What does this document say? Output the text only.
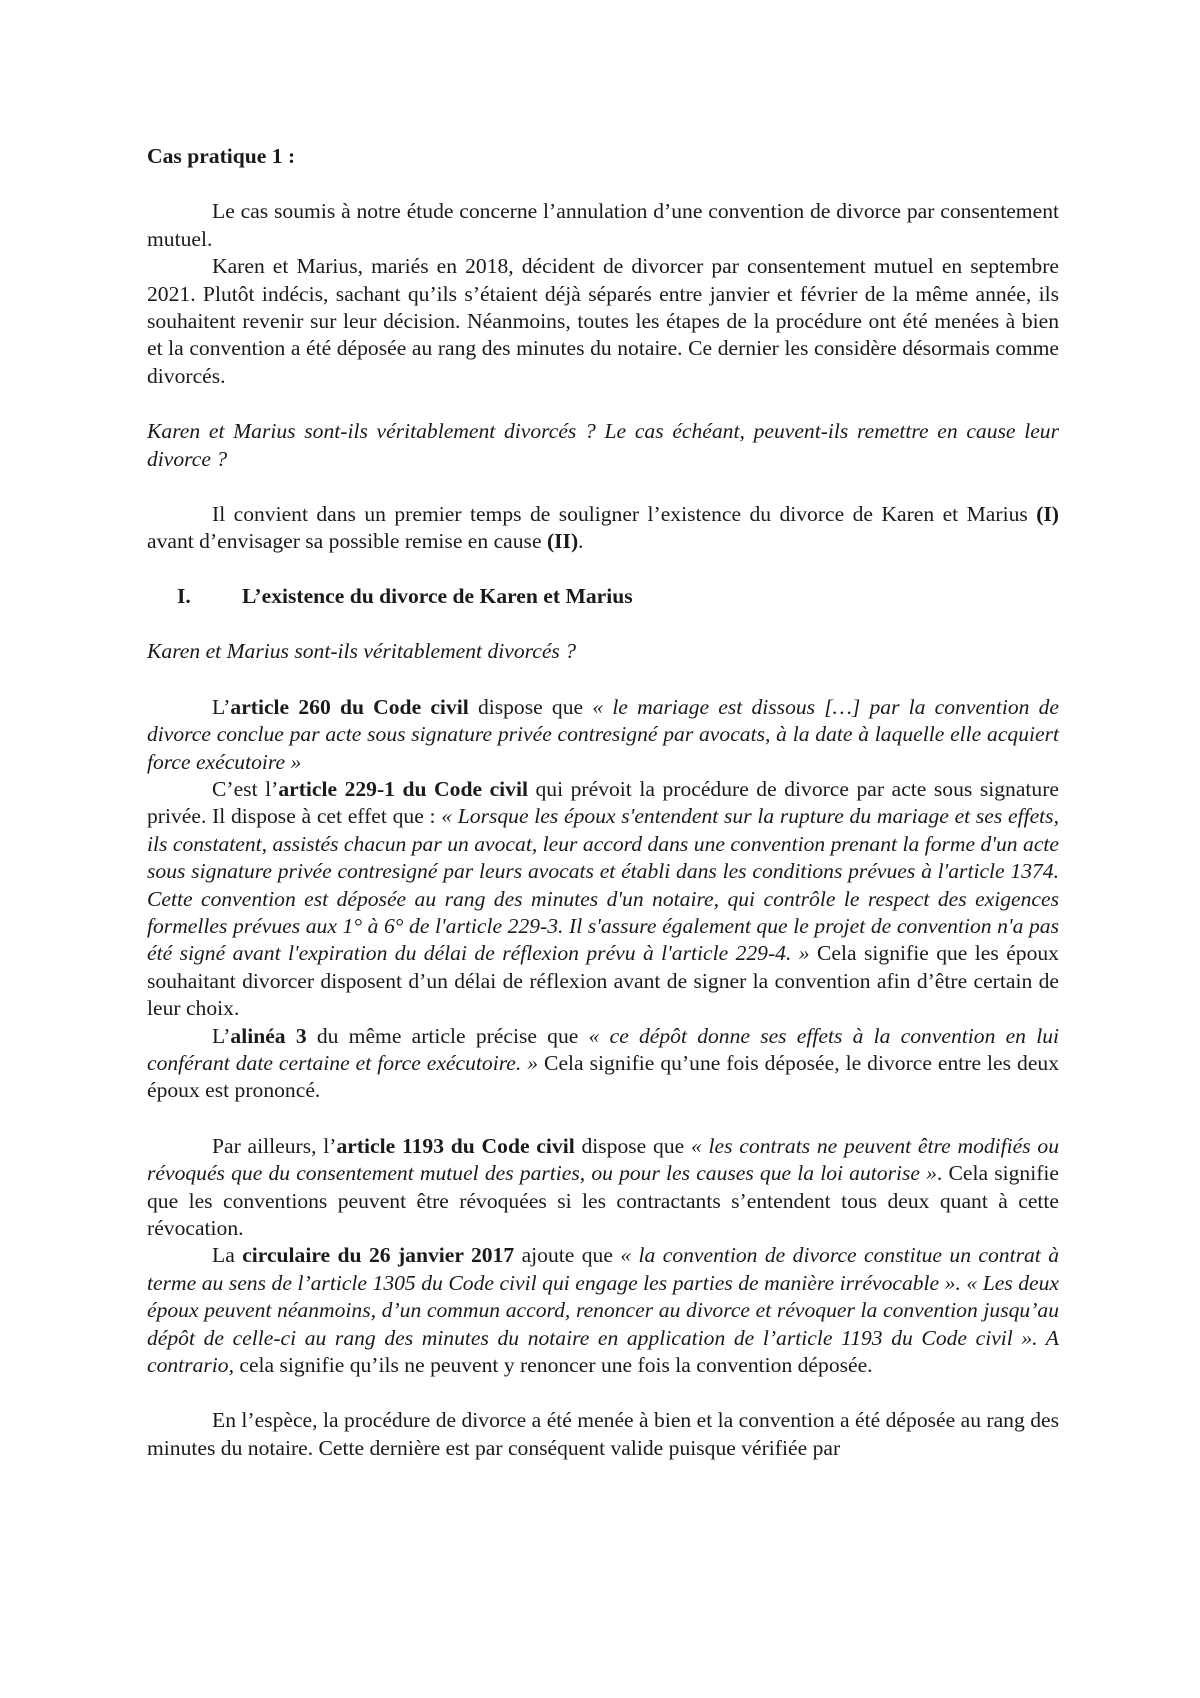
Cas pratique 1 :

Le cas soumis à notre étude concerne l’annulation d’une convention de divorce par consentement mutuel.

Karen et Marius, mariés en 2018, décident de divorcer par consentement mutuel en septembre 2021. Plutôt indécis, sachant qu’ils s’étaient déjà séparés entre janvier et février de la même année, ils souhaitent revenir sur leur décision. Néanmoins, toutes les étapes de la procédure ont été menées à bien et la convention a été déposée au rang des minutes du notaire. Ce dernier les considère désormais comme divorcés.

Karen et Marius sont-ils véritablement divorcés ? Le cas échéant, peuvent-ils remettre en cause leur divorce ?

Il convient dans un premier temps de souligner l’existence du divorce de Karen et Marius (I) avant d’envisager sa possible remise en cause (II).

I.	L’existence du divorce de Karen et Marius

Karen et Marius sont-ils véritablement divorcés ?

L’article 260 du Code civil dispose que « le mariage est dissous […] par la convention de divorce conclue par acte sous signature privée contresigné par avocats, à la date à laquelle elle acquiert force exécutoire »

C’est l’article 229-1 du Code civil qui prévoit la procédure de divorce par acte sous signature privée. Il dispose à cet effet que : « Lorsque les époux s'entendent sur la rupture du mariage et ses effets, ils constatent, assistés chacun par un avocat, leur accord dans une convention prenant la forme d'un acte sous signature privée contresigné par leurs avocats et établi dans les conditions prévues à l'article 1374. Cette convention est déposée au rang des minutes d'un notaire, qui contrôle le respect des exigences formelles prévues aux 1° à 6° de l'article 229-3. Il s'assure également que le projet de convention n'a pas été signé avant l'expiration du délai de réflexion prévu à l'article 229-4. » Cela signifie que les époux souhaitant divorcer disposent d’un délai de réflexion avant de signer la convention afin d’être certain de leur choix.

L’alinéa 3 du même article précise que « ce dépôt donne ses effets à la convention en lui conférant date certaine et force exécutoire. » Cela signifie qu’une fois déposée, le divorce entre les deux époux est prononcé.

Par ailleurs, l’article 1193 du Code civil dispose que « les contrats ne peuvent être modifiés ou révoqués que du consentement mutuel des parties, ou pour les causes que la loi autorise ». Cela signifie que les conventions peuvent être révoquées si les contractants s’entendent tous deux quant à cette révocation.

La circulaire du 26 janvier 2017 ajoute que « la convention de divorce constitue un contrat à terme au sens de l’article 1305 du Code civil qui engage les parties de manière irrévocable ». « Les deux époux peuvent néanmoins, d’un commun accord, renoncer au divorce et révoquer la convention jusqu’au dépôt de celle-ci au rang des minutes du notaire en application de l’article 1193 du Code civil ». A contrario, cela signifie qu’ils ne peuvent y renoncer une fois la convention déposée.

En l’espèce, la procédure de divorce a été menée à bien et la convention a été déposée au rang des minutes du notaire. Cette dernière est par conséquent valide puisque vérifiée par
